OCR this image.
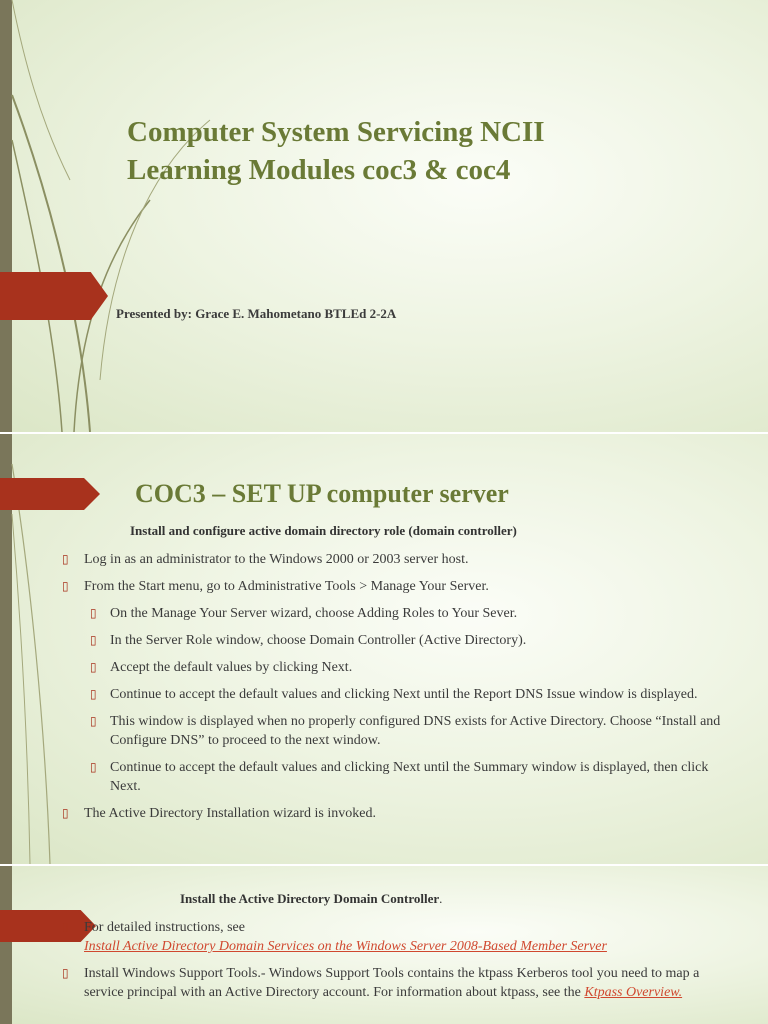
Computer System Servicing NCII
Learning Modules coc3 & coc4
Presented by: Grace E. Mahometano BTLEd 2-2A
COC3 – SET UP computer server
Install and configure active domain directory role (domain controller)
▯ Log in as an administrator to the Windows 2000 or 2003 server host.
▯ From the Start menu, go to Administrative Tools > Manage Your Server.
▯ On the Manage Your Server wizard, choose Adding Roles to Your Sever.
▯ In the Server Role window, choose Domain Controller (Active Directory).
▯ Accept the default values by clicking Next.
▯ Continue to accept the default values and clicking Next until the Report DNS Issue window is displayed.
▯ This window is displayed when no properly configured DNS exists for Active Directory. Choose “Install and Configure DNS” to proceed to the next window.
▯ Continue to accept the default values and clicking Next until the Summary window is displayed, then click Next.
▯ The Active Directory Installation wizard is invoked.
Install the Active Directory Domain Controller.
▯ For detailed instructions, see
Install Active Directory Domain Services on the Windows Server 2008-Based Member Server
▯ Install Windows Support Tools.- Windows Support Tools contains the ktpass Kerberos tool you need to map a service principal with an Active Directory account. For information about ktpass, see the Ktpass Overview.
